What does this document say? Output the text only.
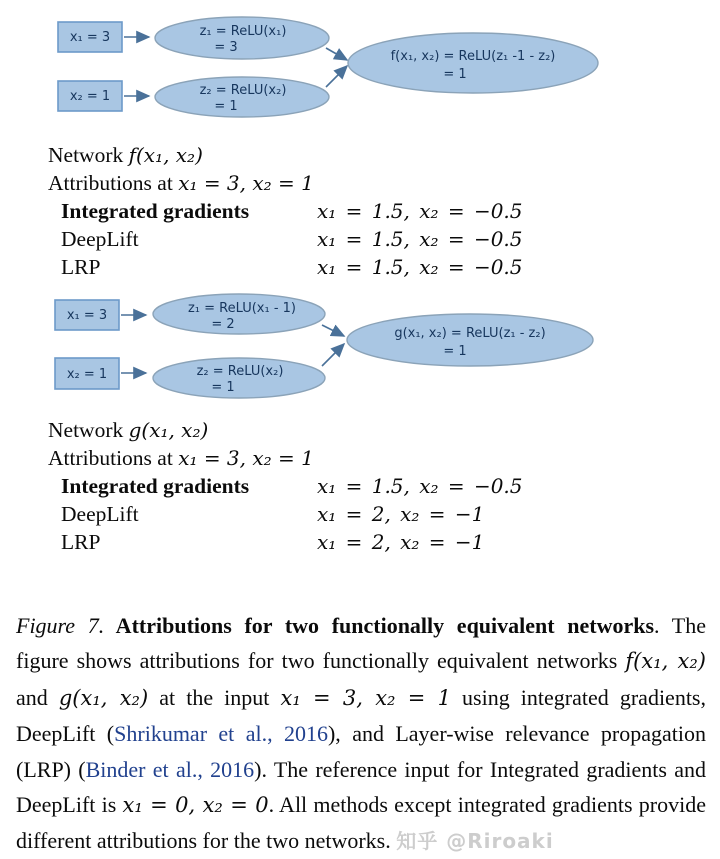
x₁ = 3
x₂ = 1
z₁ = ReLU(x₁)
= 3
z₂ = ReLU(x₂)
= 1
f(x₁, x₂) = ReLU(z₁ -1 - z₂)
= 1
Network f(x₁, x₂)
Attributions at x₁ = 3, x₂ = 1
Integrated gradients	x₁ = 1.5, x₂ = −0.5
DeepLift	x₁ = 1.5, x₂ = −0.5
LRP	x₁ = 1.5, x₂ = −0.5
x₁ = 3
x₂ = 1
z₁ = ReLU(x₁ - 1)
= 2
z₂ = ReLU(x₂)
= 1
g(x₁, x₂) = ReLU(z₁ - z₂)
= 1
Network g(x₁, x₂)
Attributions at x₁ = 3, x₂ = 1
Integrated gradients	x₁ = 1.5, x₂ = −0.5
DeepLift	x₁ = 2, x₂ = −1
LRP	x₁ = 2, x₂ = −1

Figure 7. Attributions for two functionally equivalent networks. The figure shows attributions for two functionally equivalent networks f(x₁, x₂) and g(x₁, x₂) at the input x₁ = 3, x₂ = 1 using integrated gradients, DeepLift (Shrikumar et al., 2016), and Layer-wise relevance propagation (LRP) (Binder et al., 2016). The reference input for Integrated gradients and DeepLift is x₁ = 0, x₂ = 0. All methods except integrated gradients provide different attributions for the two networks. 知乎 @Riroaki
